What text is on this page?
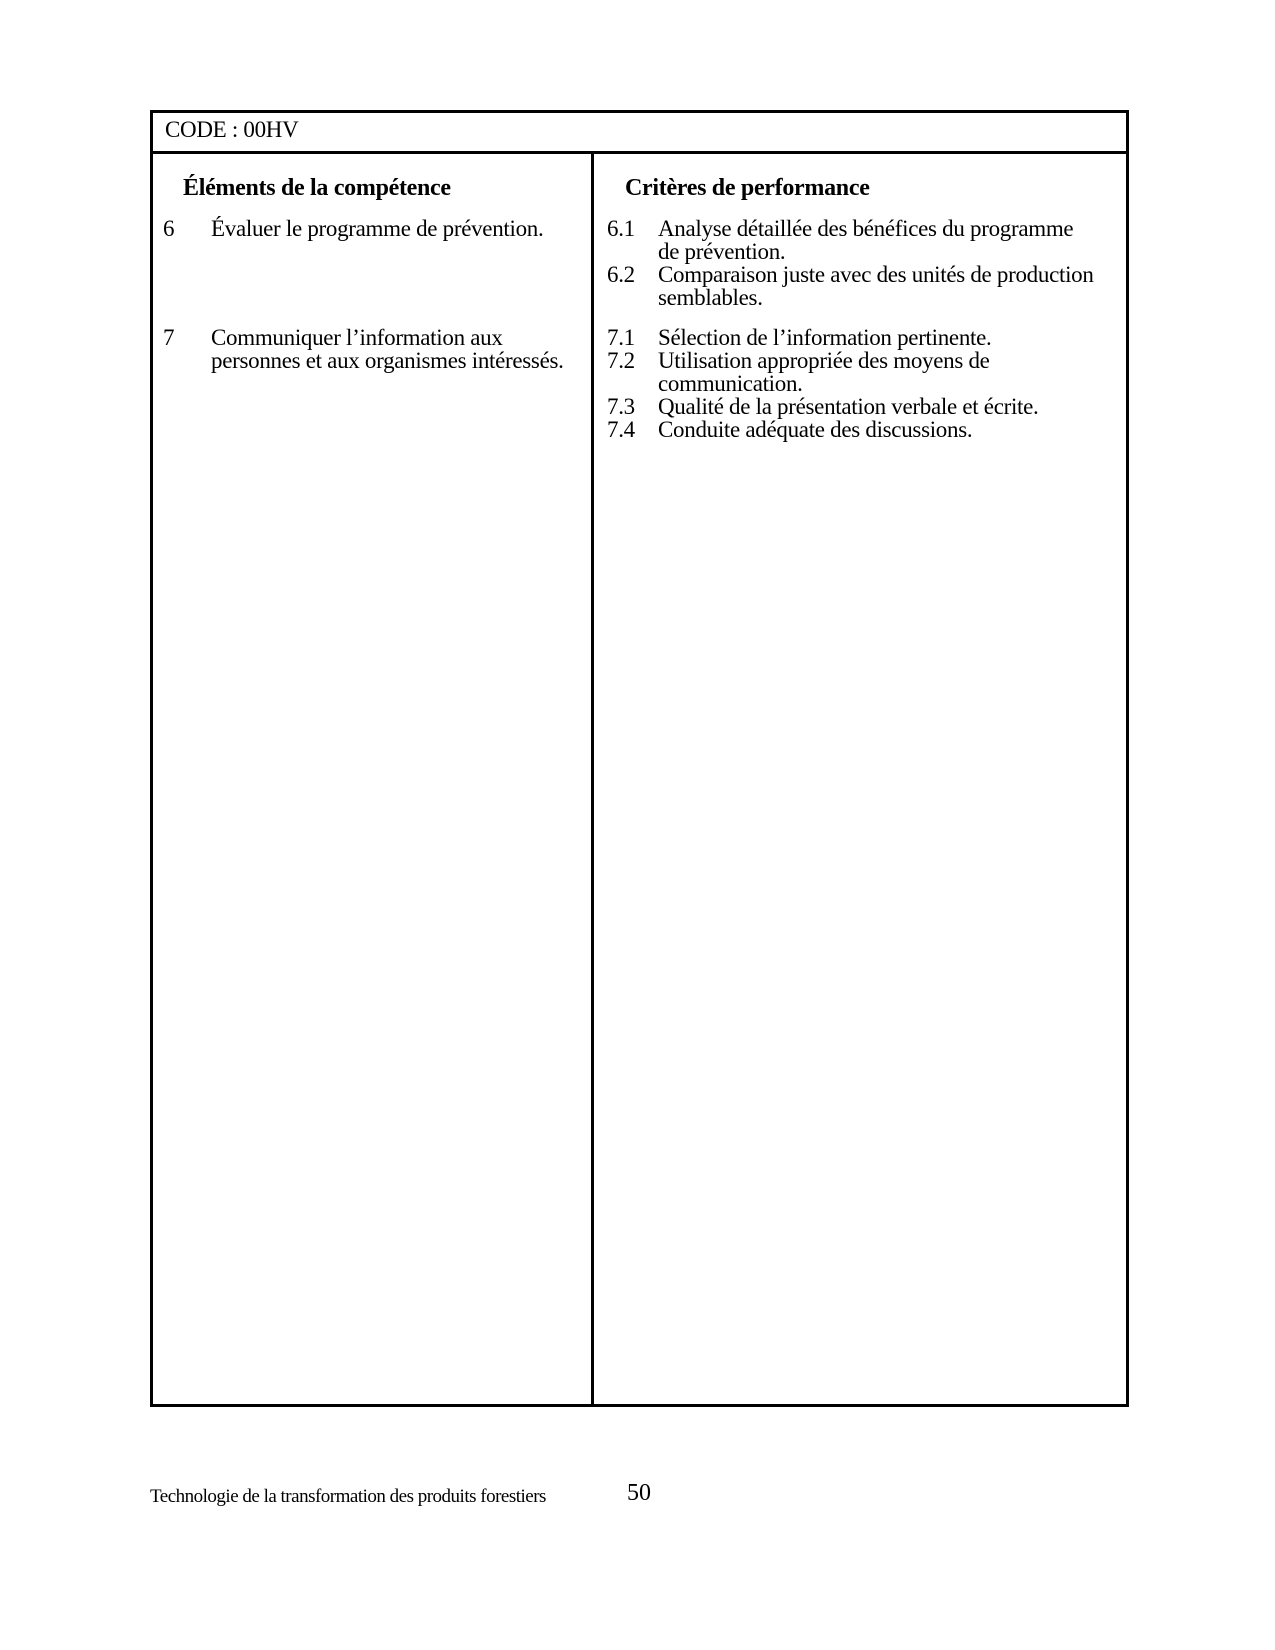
CODE : 00HV
Éléments de la compétence	Critères de performance
6 Évaluer le programme de prévention.
7 Communiquer l’information aux personnes et aux organismes intéressés.
6.1 Analyse détaillée des bénéfices du programme de prévention.
6.2 Comparaison juste avec des unités de production semblables.
7.1 Sélection de l’information pertinente.
7.2 Utilisation appropriée des moyens de communication.
7.3 Qualité de la présentation verbale et écrite.
7.4 Conduite adéquate des discussions.
Technologie de la transformation des produits forestiers	50
